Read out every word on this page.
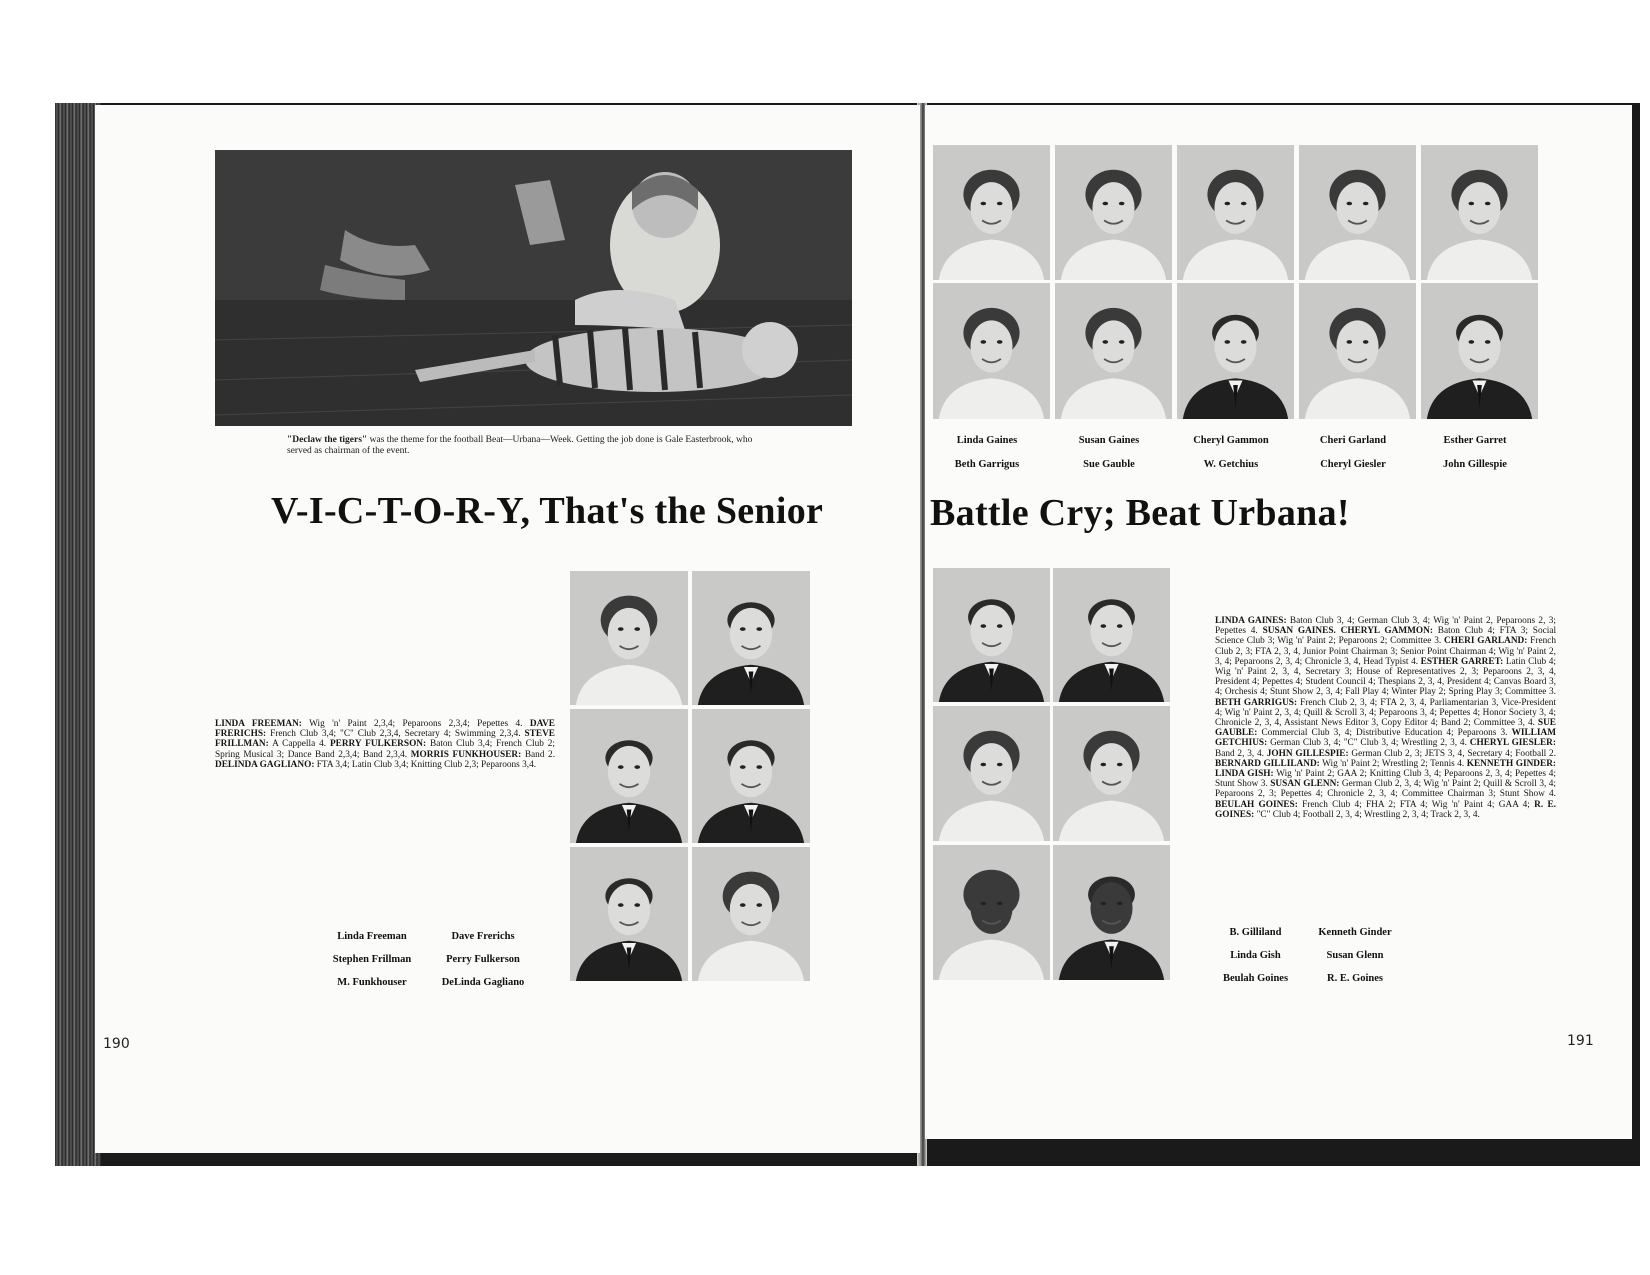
"Declaw the tigers" was the theme for the football Beat—Urbana—Week. Getting the job done is Gale Easterbrook, who served as chairman of the event.
V-I-C-T-O-R-Y, That's the Senior
LINDA FREEMAN: Wig 'n' Paint 2,3,4; Peparoons 2,3,4; Pepettes 4. DAVE FRERICHS: French Club 3,4; "C" Club 2,3,4, Secretary 4; Swimming 2,3,4. STEVE FRILLMAN: A Cappella 4. PERRY FULKERSON: Baton Club 3,4; French Club 2; Spring Musical 3; Dance Band 2,3,4; Band 2,3,4. MORRIS FUNKHOUSER: Band 2. DELINDA GAGLIANO: FTA 3,4; Latin Club 3,4; Knitting Club 2,3; Peparoons 3,4.
Linda Freeman	Dave Frerichs
Stephen Frillman	Perry Fulkerson
M. Funkhouser	DeLinda Gagliano
190
Linda Gaines	Susan Gaines	Cheryl Gammon	Cheri Garland	Esther Garret
Beth Garrigus	Sue Gauble	W. Getchius	Cheryl Giesler	John Gillespie
Battle Cry; Beat Urbana!
LINDA GAINES: Baton Club 3, 4; German Club 3, 4; Wig 'n' Paint 2, Peparoons 2, 3; Pepettes 4. SUSAN GAINES. CHERYL GAMMON: Baton Club 4; FTA 3; Social Science Club 3; Wig 'n' Paint 2; Peparoons 2; Committee 3. CHERI GARLAND: French Club 2, 3; FTA 2, 3, 4, Junior Point Chairman 3; Senior Point Chairman 4; Wig 'n' Paint 2, 3, 4; Peparoons 2, 3, 4; Chronicle 3, 4, Head Typist 4. ESTHER GARRET: Latin Club 4; Wig 'n' Paint 2, 3, 4, Secretary 3; House of Representatives 2, 3; Peparoons 2, 3, 4, President 4; Pepettes 4; Student Council 4; Thespians 2, 3, 4, President 4; Canvas Board 3, 4; Orchesis 4; Stunt Show 2, 3, 4; Fall Play 4; Winter Play 2; Spring Play 3; Committee 3. BETH GARRIGUS: French Club 2, 3, 4; FTA 2, 3, 4, Parliamentarian 3, Vice-President 4; Wig 'n' Paint 2, 3, 4; Quill & Scroll 3, 4; Peparoons 3, 4; Pepettes 4; Honor Society 3, 4; Chronicle 2, 3, 4, Assistant News Editor 3, Copy Editor 4; Band 2; Committee 3, 4. SUE GAUBLE: Commercial Club 3, 4; Distributive Education 4; Peparoons 3. WILLIAM GETCHIUS: German Club 3, 4; "C" Club 3, 4; Wrestling 2, 3, 4. CHERYL GIESLER: Band 2, 3, 4. JOHN GILLESPIE: German Club 2, 3; JETS 3, 4, Secretary 4; Football 2. BERNARD GILLILAND: Wig 'n' Paint 2; Wrestling 2; Tennis 4. KENNETH GINDER: LINDA GISH: Wig 'n' Paint 2; GAA 2; Knitting Club 3, 4; Peparoons 2, 3, 4; Pepettes 4; Stunt Show 3. SUSAN GLENN: German Club 2, 3, 4; Wig 'n' Paint 2; Quill & Scroll 3, 4; Peparoons 2, 3; Pepettes 4; Chronicle 2, 3, 4; Committee Chairman 3; Stunt Show 4. BEULAH GOINES: French Club 4; FHA 2; FTA 4; Wig 'n' Paint 4; GAA 4; R. E. GOINES: "C" Club 4; Football 2, 3, 4; Wrestling 2, 3, 4; Track 2, 3, 4.
B. Gilliland	Kenneth Ginder
Linda Gish	Susan Glenn
Beulah Goines	R. E. Goines
191
